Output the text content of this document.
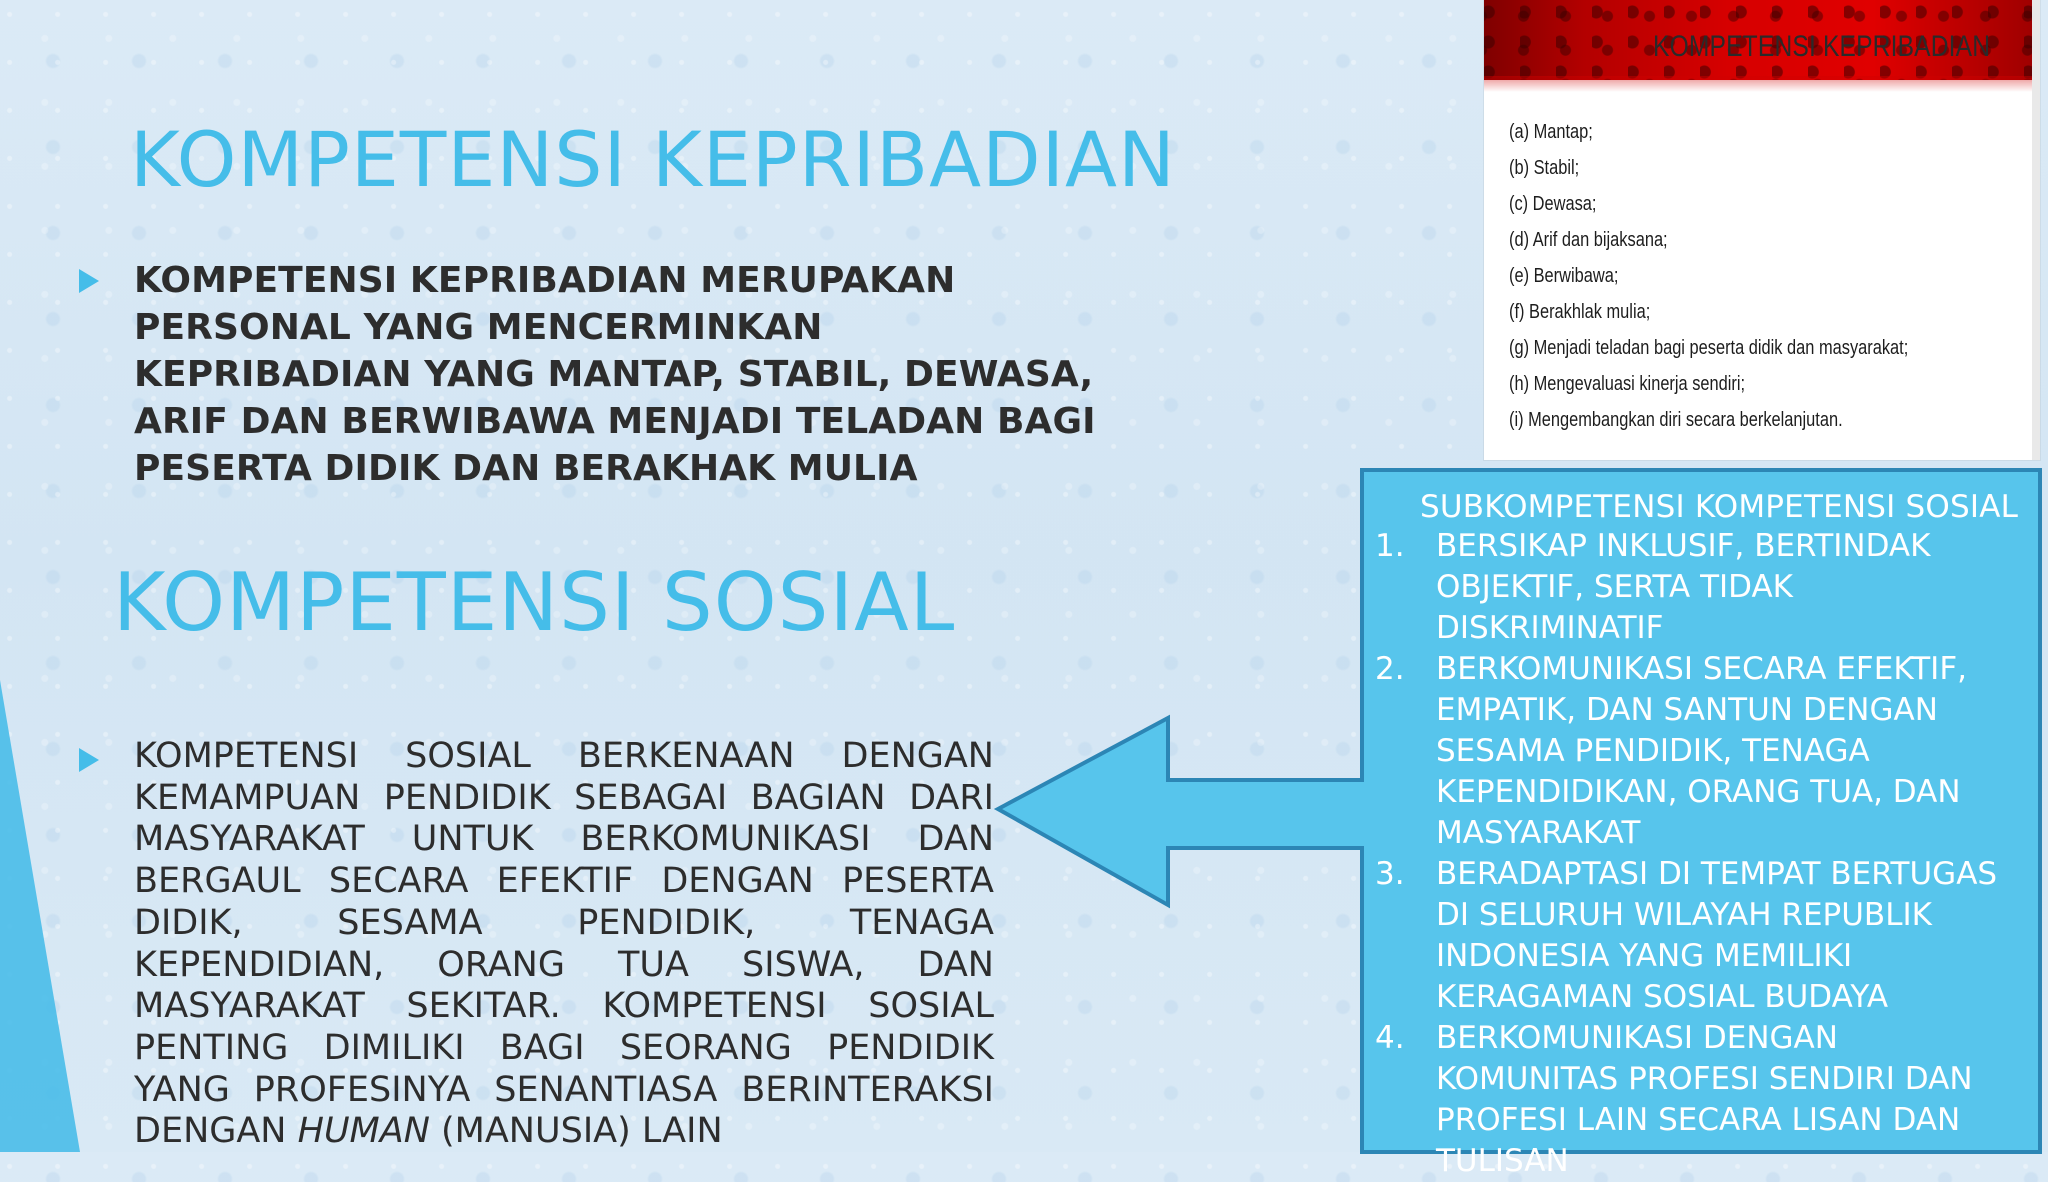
KOMPETENSI KEPRIBADIAN
KOMPETENSI KEPRIBADIAN MERUPAKAN PERSONAL YANG MENCERMINKAN KEPRIBADIAN YANG MANTAP, STABIL, DEWASA, ARIF DAN BERWIBAWA MENJADI TELADAN BAGI PESERTA DIDIK DAN BERAKHAK MULIA
KOMPETENSI SOSIAL
KOMPETENSI SOSIAL BERKENAAN DENGAN KEMAMPUAN PENDIDIK SEBAGAI BAGIAN DARI MASYARAKAT UNTUK BERKOMUNIKASI DAN BERGAUL SECARA EFEKTIF DENGAN PESERTA DIDIK, SESAMA PENDIDIK, TENAGA KEPENDIDIAN, ORANG TUA SISWA, DAN MASYARAKAT SEKITAR. KOMPETENSI SOSIAL PENTING DIMILIKI BAGI SEORANG PENDIDIK YANG PROFESINYA SENANTIASA BERINTERAKSI DENGAN HUMAN (MANUSIA) LAIN
KOMPETENSI KEPRIBADIAN
(a) Mantap;
(b) Stabil;
(c) Dewasa;
(d) Arif dan bijaksana;
(e) Berwibawa;
(f) Berakhlak mulia;
(g) Menjadi teladan bagi peserta didik dan masyarakat;
(h) Mengevaluasi kinerja sendiri;
(i) Mengembangkan diri secara berkelanjutan.
SUBKOMPETENSI KOMPETENSI SOSIAL
1. BERSIKAP INKLUSIF, BERTINDAK OBJEKTIF, SERTA TIDAK DISKRIMINATIF
2. BERKOMUNIKASI SECARA EFEKTIF, EMPATIK, DAN SANTUN DENGAN SESAMA PENDIDIK, TENAGA KEPENDIDIKAN, ORANG TUA, DAN MASYARAKAT
3. BERADAPTASI DI TEMPAT BERTUGAS DI SELURUH WILAYAH REPUBLIK INDONESIA YANG MEMILIKI KERAGAMAN SOSIAL BUDAYA
4. BERKOMUNIKASI DENGAN KOMUNITAS PROFESI SENDIRI DAN PROFESI LAIN SECARA LISAN DAN TULISAN
